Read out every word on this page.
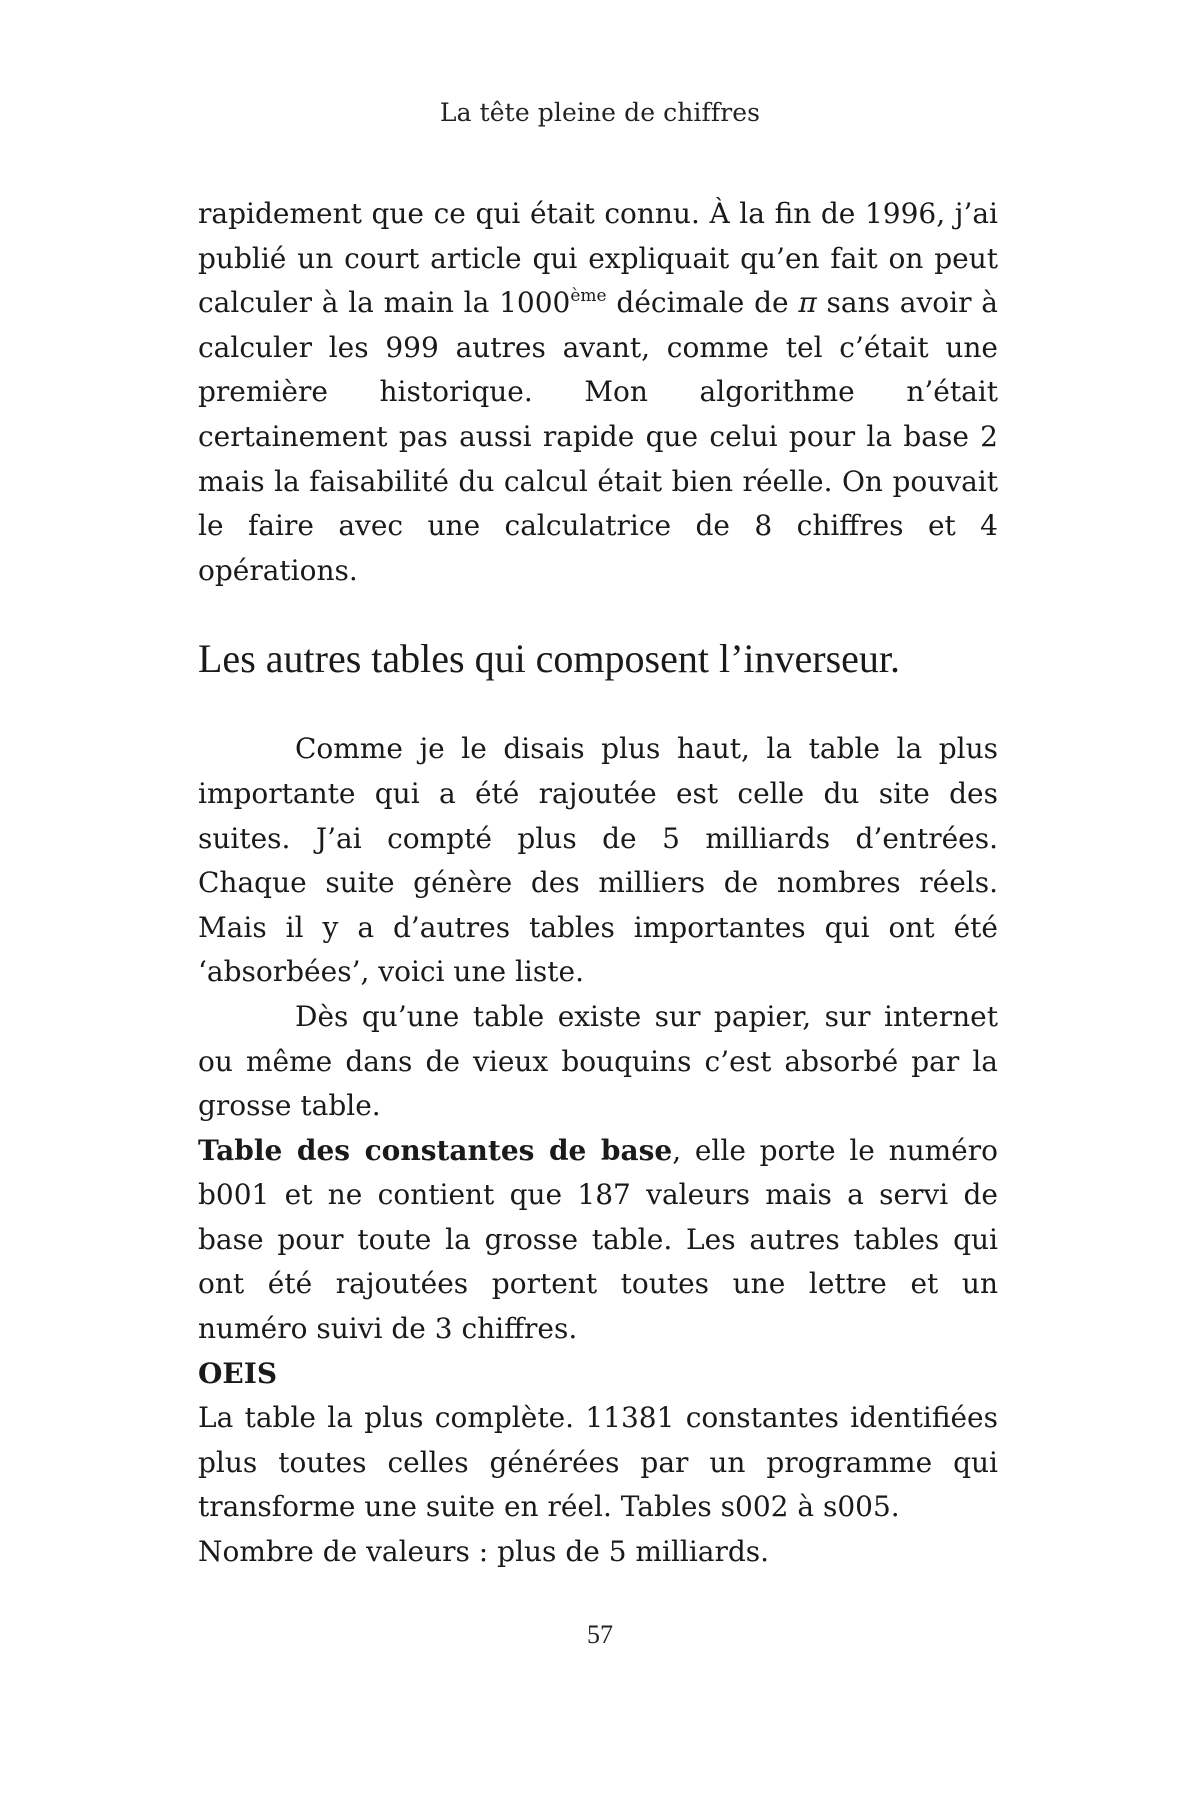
La tête pleine de chiffres

rapidement que ce qui était connu. À la fin de 1996, j’ai publié un court article qui expliquait qu’en fait on peut calculer à la main la 1000ème décimale de π sans avoir à calculer les 999 autres avant, comme tel c’était une première historique. Mon algorithme n’était certainement pas aussi rapide que celui pour la base 2 mais la faisabilité du calcul était bien réelle. On pouvait le faire avec une calculatrice de 8 chiffres et 4 opérations.

Les autres tables qui composent l’inverseur.

Comme je le disais plus haut, la table la plus importante qui a été rajoutée est celle du site des suites. J’ai compté plus de 5 milliards d’entrées. Chaque suite génère des milliers de nombres réels. Mais il y a d’autres tables importantes qui ont été ‘absorbées’, voici une liste.

Dès qu’une table existe sur papier, sur internet ou même dans de vieux bouquins c’est absorbé par la grosse table.

Table des constantes de base, elle porte le numéro b001 et ne contient que 187 valeurs mais a servi de base pour toute la grosse table. Les autres tables qui ont été rajoutées portent toutes une lettre et un numéro suivi de 3 chiffres.

OEIS

La table la plus complète. 11381 constantes identifiées plus toutes celles générées par un programme qui transforme une suite en réel. Tables s002 à s005.

Nombre de valeurs : plus de 5 milliards.

57
